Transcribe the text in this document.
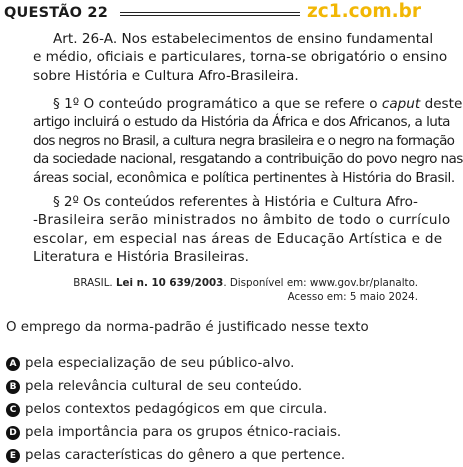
QUESTÃO 22	zc1.com.br
Art. 26-A. Nos estabelecimentos de ensino fundamental
e médio, oficiais e particulares, torna-se obrigatório o ensino
sobre História e Cultura Afro-Brasileira.
§ 1º O conteúdo programático a que se refere o caput deste
artigo incluirá o estudo da História da África e dos Africanos, a luta
dos negros no Brasil, a cultura negra brasileira e o negro na formação
da sociedade nacional, resgatando a contribuição do povo negro nas
áreas social, econômica e política pertinentes à História do Brasil.
§ 2º Os conteúdos referentes à História e Cultura Afro-
-Brasileira serão ministrados no âmbito de todo o currículo
escolar, em especial nas áreas de Educação Artística e de
Literatura e História Brasileiras.
BRASIL. Lei n. 10 639/2003. Disponível em: www.gov.br/planalto.
Acesso em: 5 maio 2024.
O emprego da norma-padrão é justificado nesse texto
A pela especialização de seu público-alvo.
B pela relevância cultural de seu conteúdo.
C pelos contextos pedagógicos em que circula.
D pela importância para os grupos étnico-raciais.
E pelas características do gênero a que pertence.
